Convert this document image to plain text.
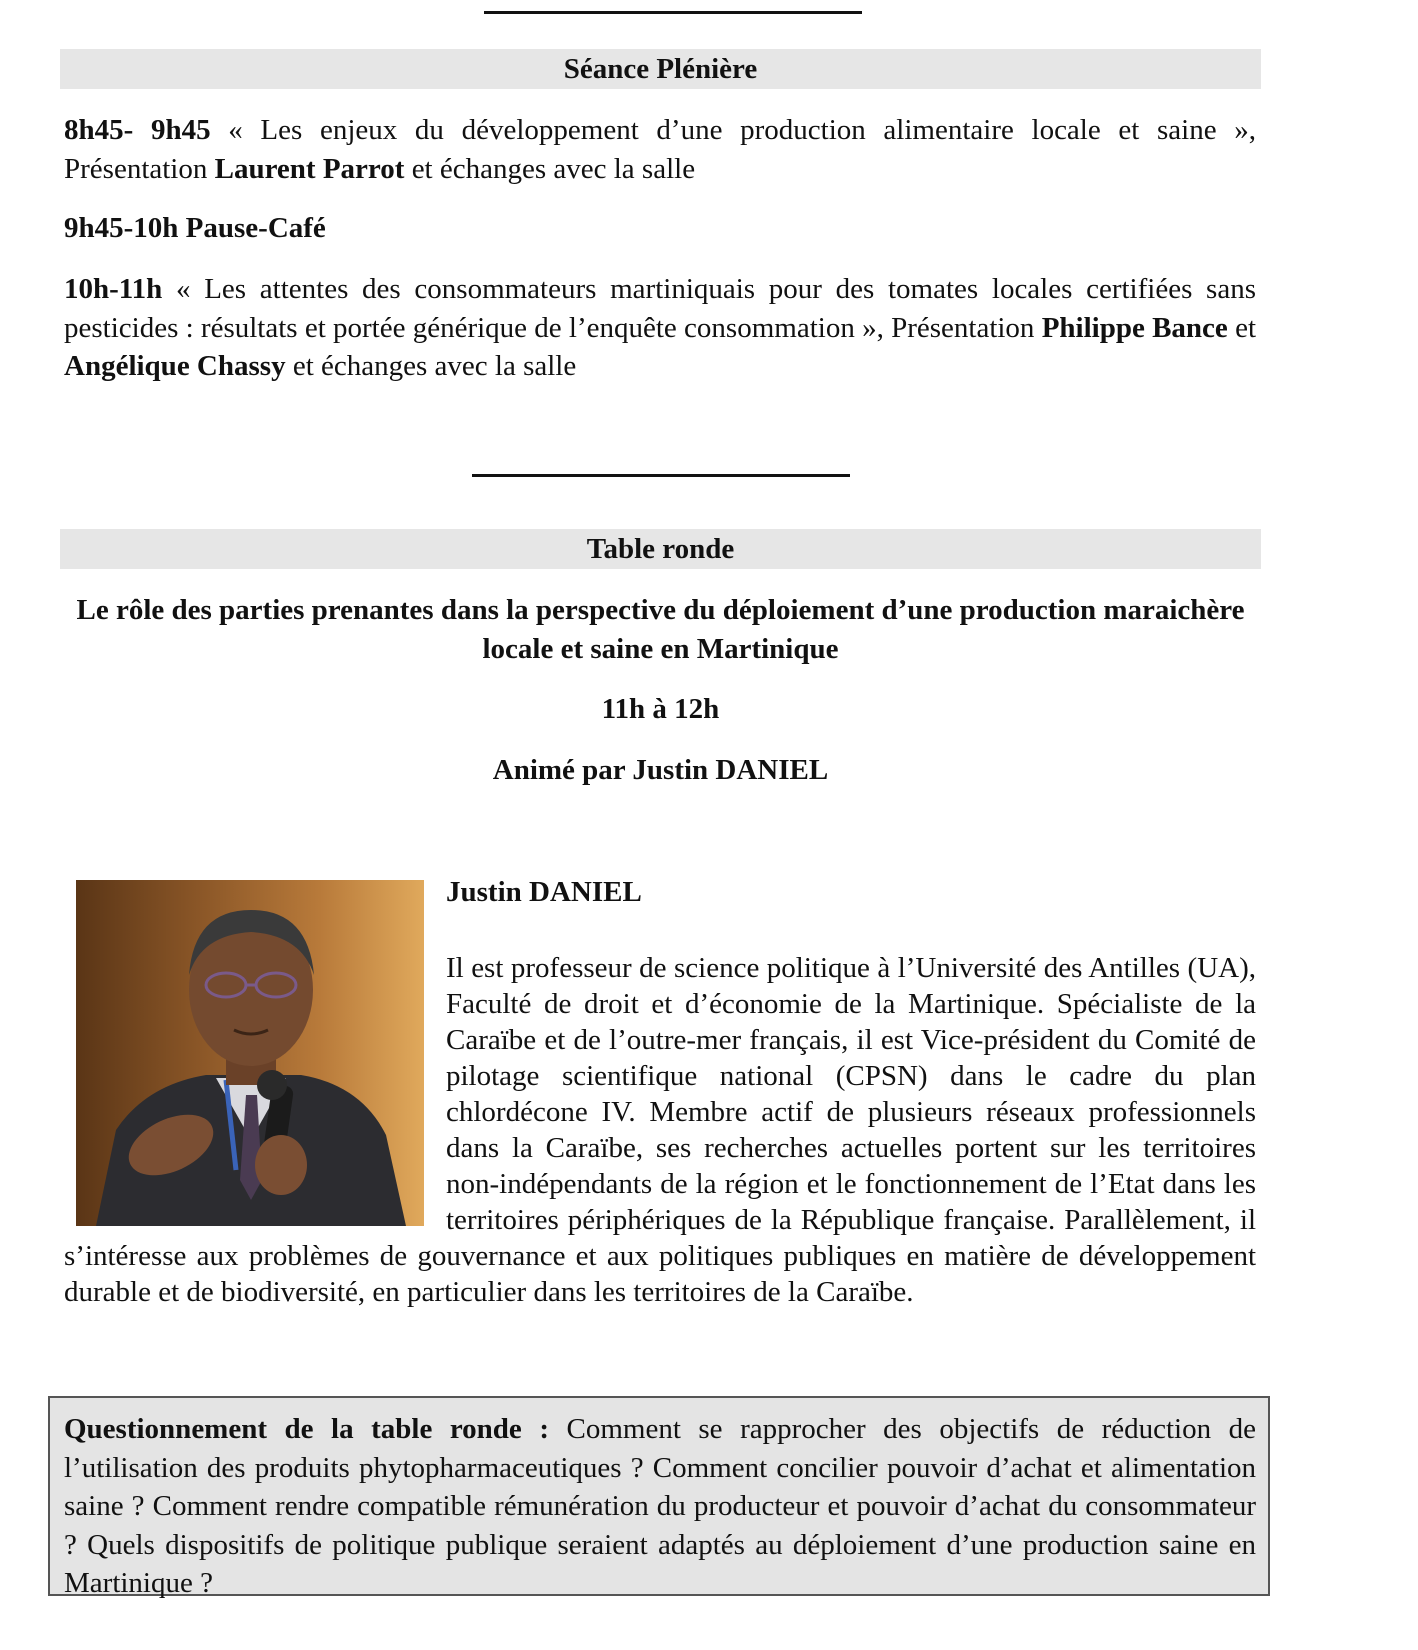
Séance Plénière

8h45- 9h45 « Les enjeux du développement d’une production alimentaire locale et saine », Présentation Laurent Parrot et échanges avec la salle

9h45-10h Pause-Café

10h-11h « Les attentes des consommateurs martiniquais pour des tomates locales certifiées sans pesticides : résultats et portée générique de l’enquête consommation », Présentation Philippe Bance et Angélique Chassy et échanges avec la salle

Table ronde

Le rôle des parties prenantes dans la perspective du déploiement d’une production maraichère locale et saine en Martinique

11h à 12h

Animé par Justin DANIEL

Justin DANIEL
Il est professeur de science politique à l’Université des Antilles (UA), Faculté de droit et d’économie de la Martinique. Spécialiste de la Caraïbe et de l’outre-mer français, il est Vice-président du Comité de pilotage scientifique national (CPSN) dans le cadre du plan chlordécone IV. Membre actif de plusieurs réseaux professionnels dans la Caraïbe, ses recherches actuelles portent sur les territoires non-indépendants de la région et le fonctionnement de l’Etat dans les territoires périphériques de la République française. Parallèlement, il s’intéresse aux problèmes de gouvernance et aux politiques publiques en matière de développement durable et de biodiversité, en particulier dans les territoires de la Caraïbe.

Questionnement de la table ronde : Comment se rapprocher des objectifs de réduction de l’utilisation des produits phytopharmaceutiques ? Comment concilier pouvoir d’achat et alimentation saine ? Comment rendre compatible rémunération du producteur et pouvoir d’achat du consommateur ? Quels dispositifs de politique publique seraient adaptés au déploiement d’une production saine en Martinique ?
